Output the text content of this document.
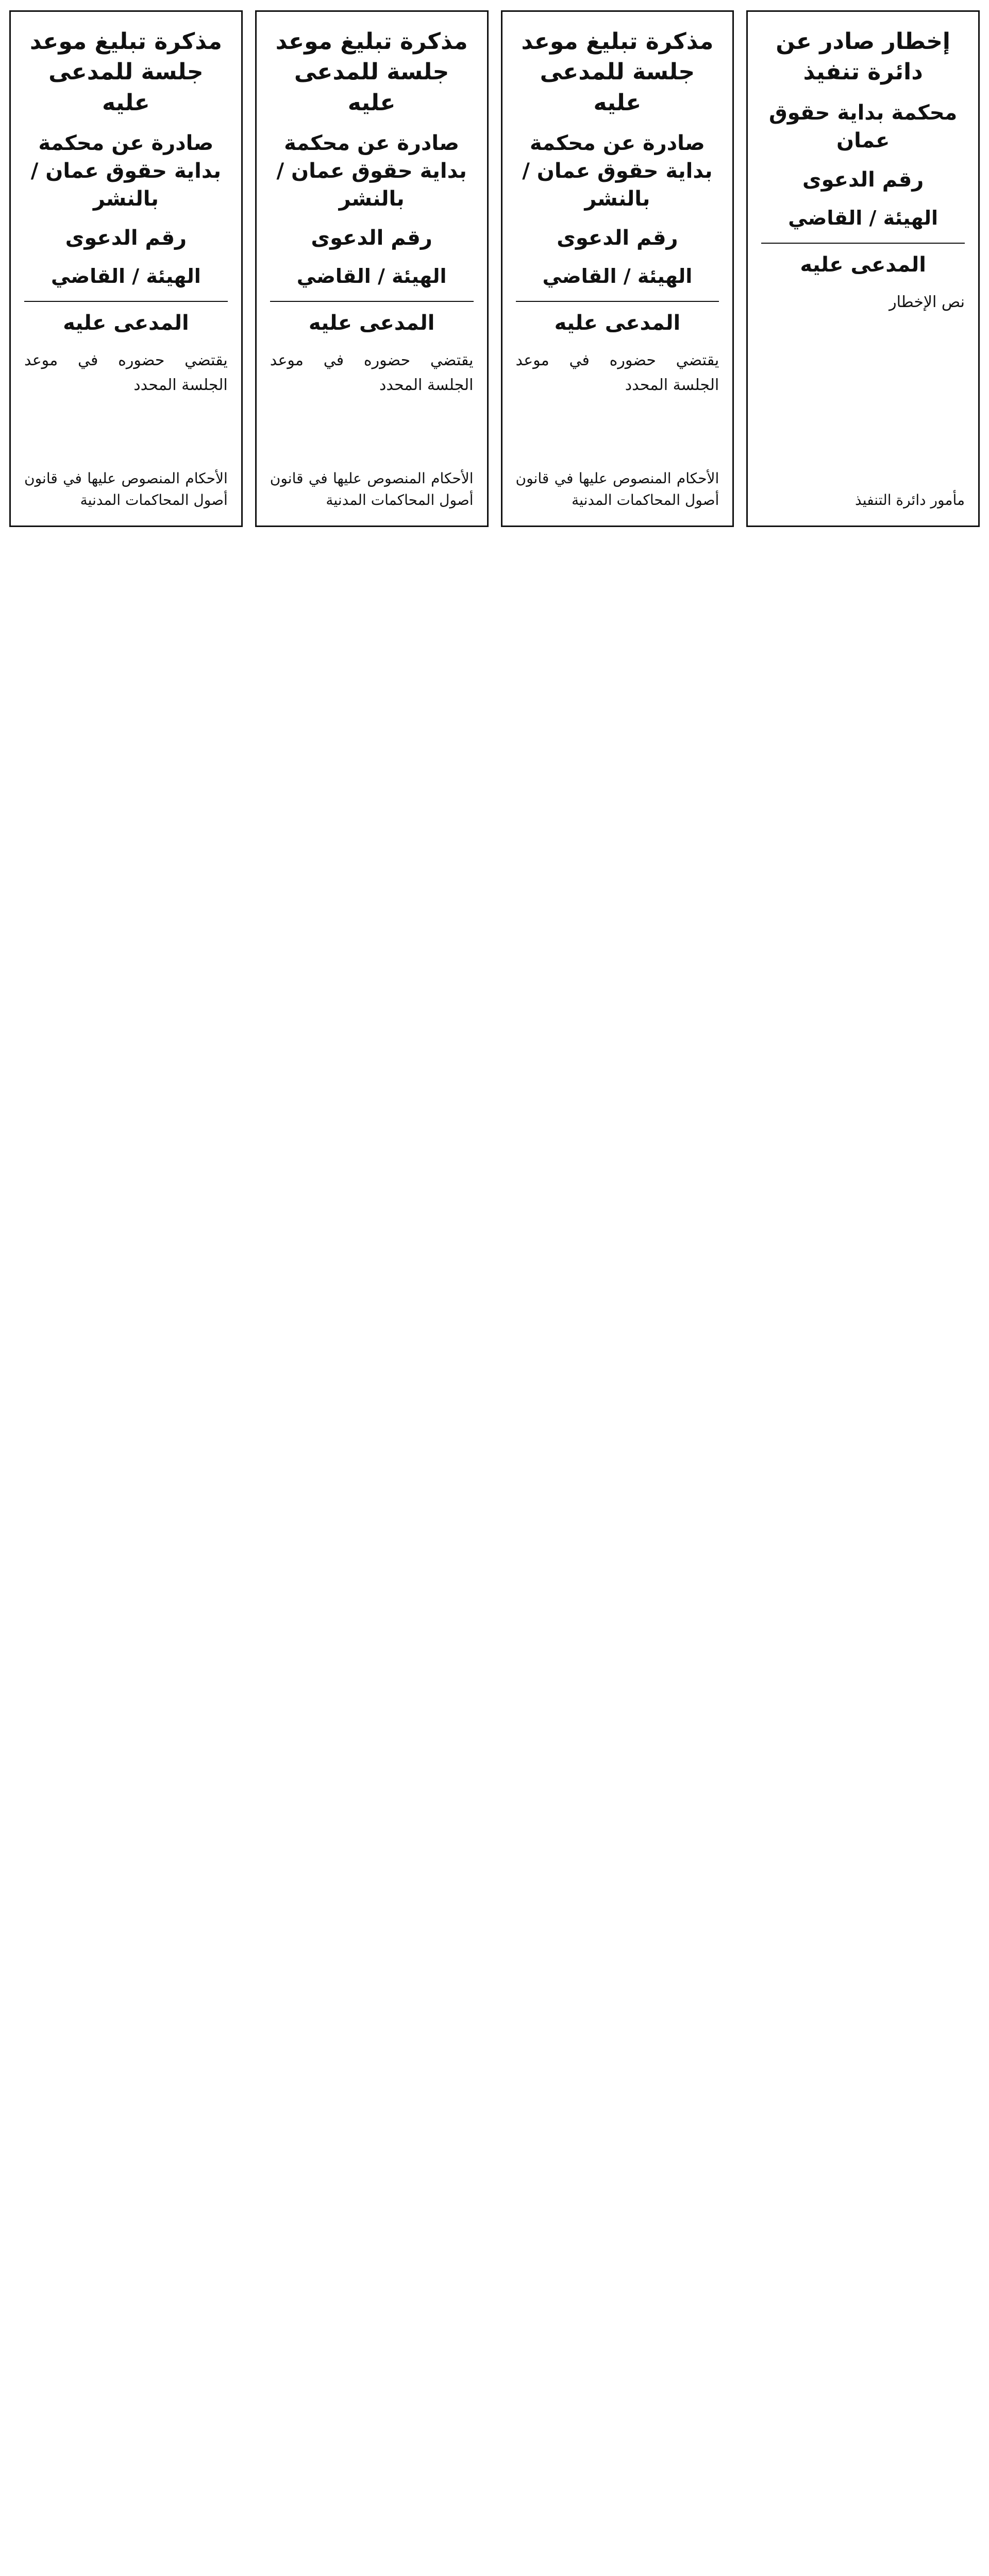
إخطار صادر عن دائرة تنفيذ
محكمة بداية حقوق عمان
رقم الدعوى
الهيئة / القاضي
المدعى عليه
نص الإخطار
مأمور دائرة التنفيذ
مذكرة تبليغ موعد جلسة للمدعى عليه
صادرة عن محكمة بداية حقوق عمان / بالنشر
رقم الدعوى
الهيئة / القاضي
المدعى عليه
يقتضي حضوره في موعد الجلسة المحدد
الأحكام المنصوص عليها في قانون أصول المحاكمات المدنية
مذكرة تبليغ موعد جلسة للمدعى عليه
صادرة عن محكمة بداية حقوق عمان / بالنشر
رقم الدعوى
الهيئة / القاضي
المدعى عليه
يقتضي حضوره في موعد الجلسة المحدد
الأحكام المنصوص عليها في قانون أصول المحاكمات المدنية
مذكرة تبليغ موعد جلسة للمدعى عليه
صادرة عن محكمة بداية حقوق عمان / بالنشر
رقم الدعوى
الهيئة / القاضي
المدعى عليه
يقتضي حضوره في موعد الجلسة المحدد
الأحكام المنصوص عليها في قانون أصول المحاكمات المدنية
